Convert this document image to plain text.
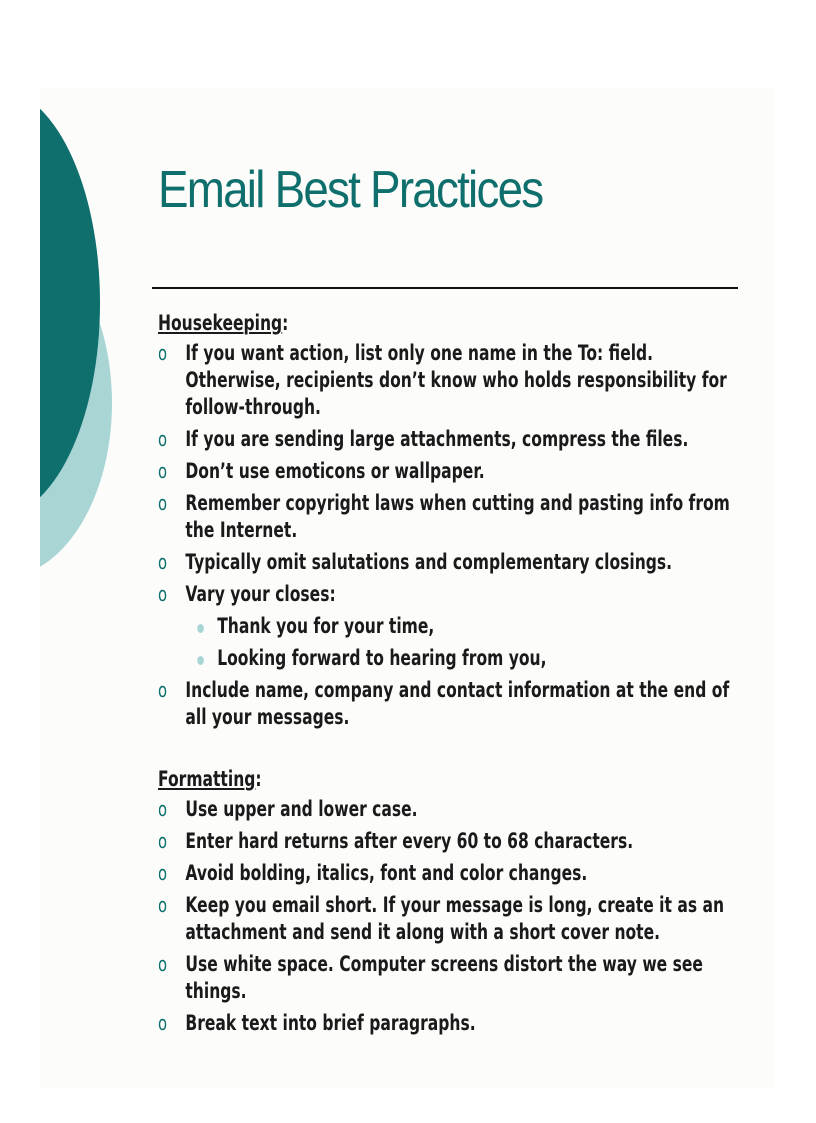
Email Best Practices
Housekeeping:
o If you want action, list only one name in the To: field. Otherwise, recipients don’t know who holds responsibility for follow-through.
o If you are sending large attachments, compress the files.
o Don’t use emoticons or wallpaper.
o Remember copyright laws when cutting and pasting info from the Internet.
o Typically omit salutations and complementary closings.
o Vary your closes:
Thank you for your time,
Looking forward to hearing from you,
o Include name, company and contact information at the end of all your messages.
Formatting:
o Use upper and lower case.
o Enter hard returns after every 60 to 68 characters.
o Avoid bolding, italics, font and color changes.
o Keep you email short. If your message is long, create it as an attachment and send it along with a short cover note.
o Use white space. Computer screens distort the way we see things.
o Break text into brief paragraphs.
